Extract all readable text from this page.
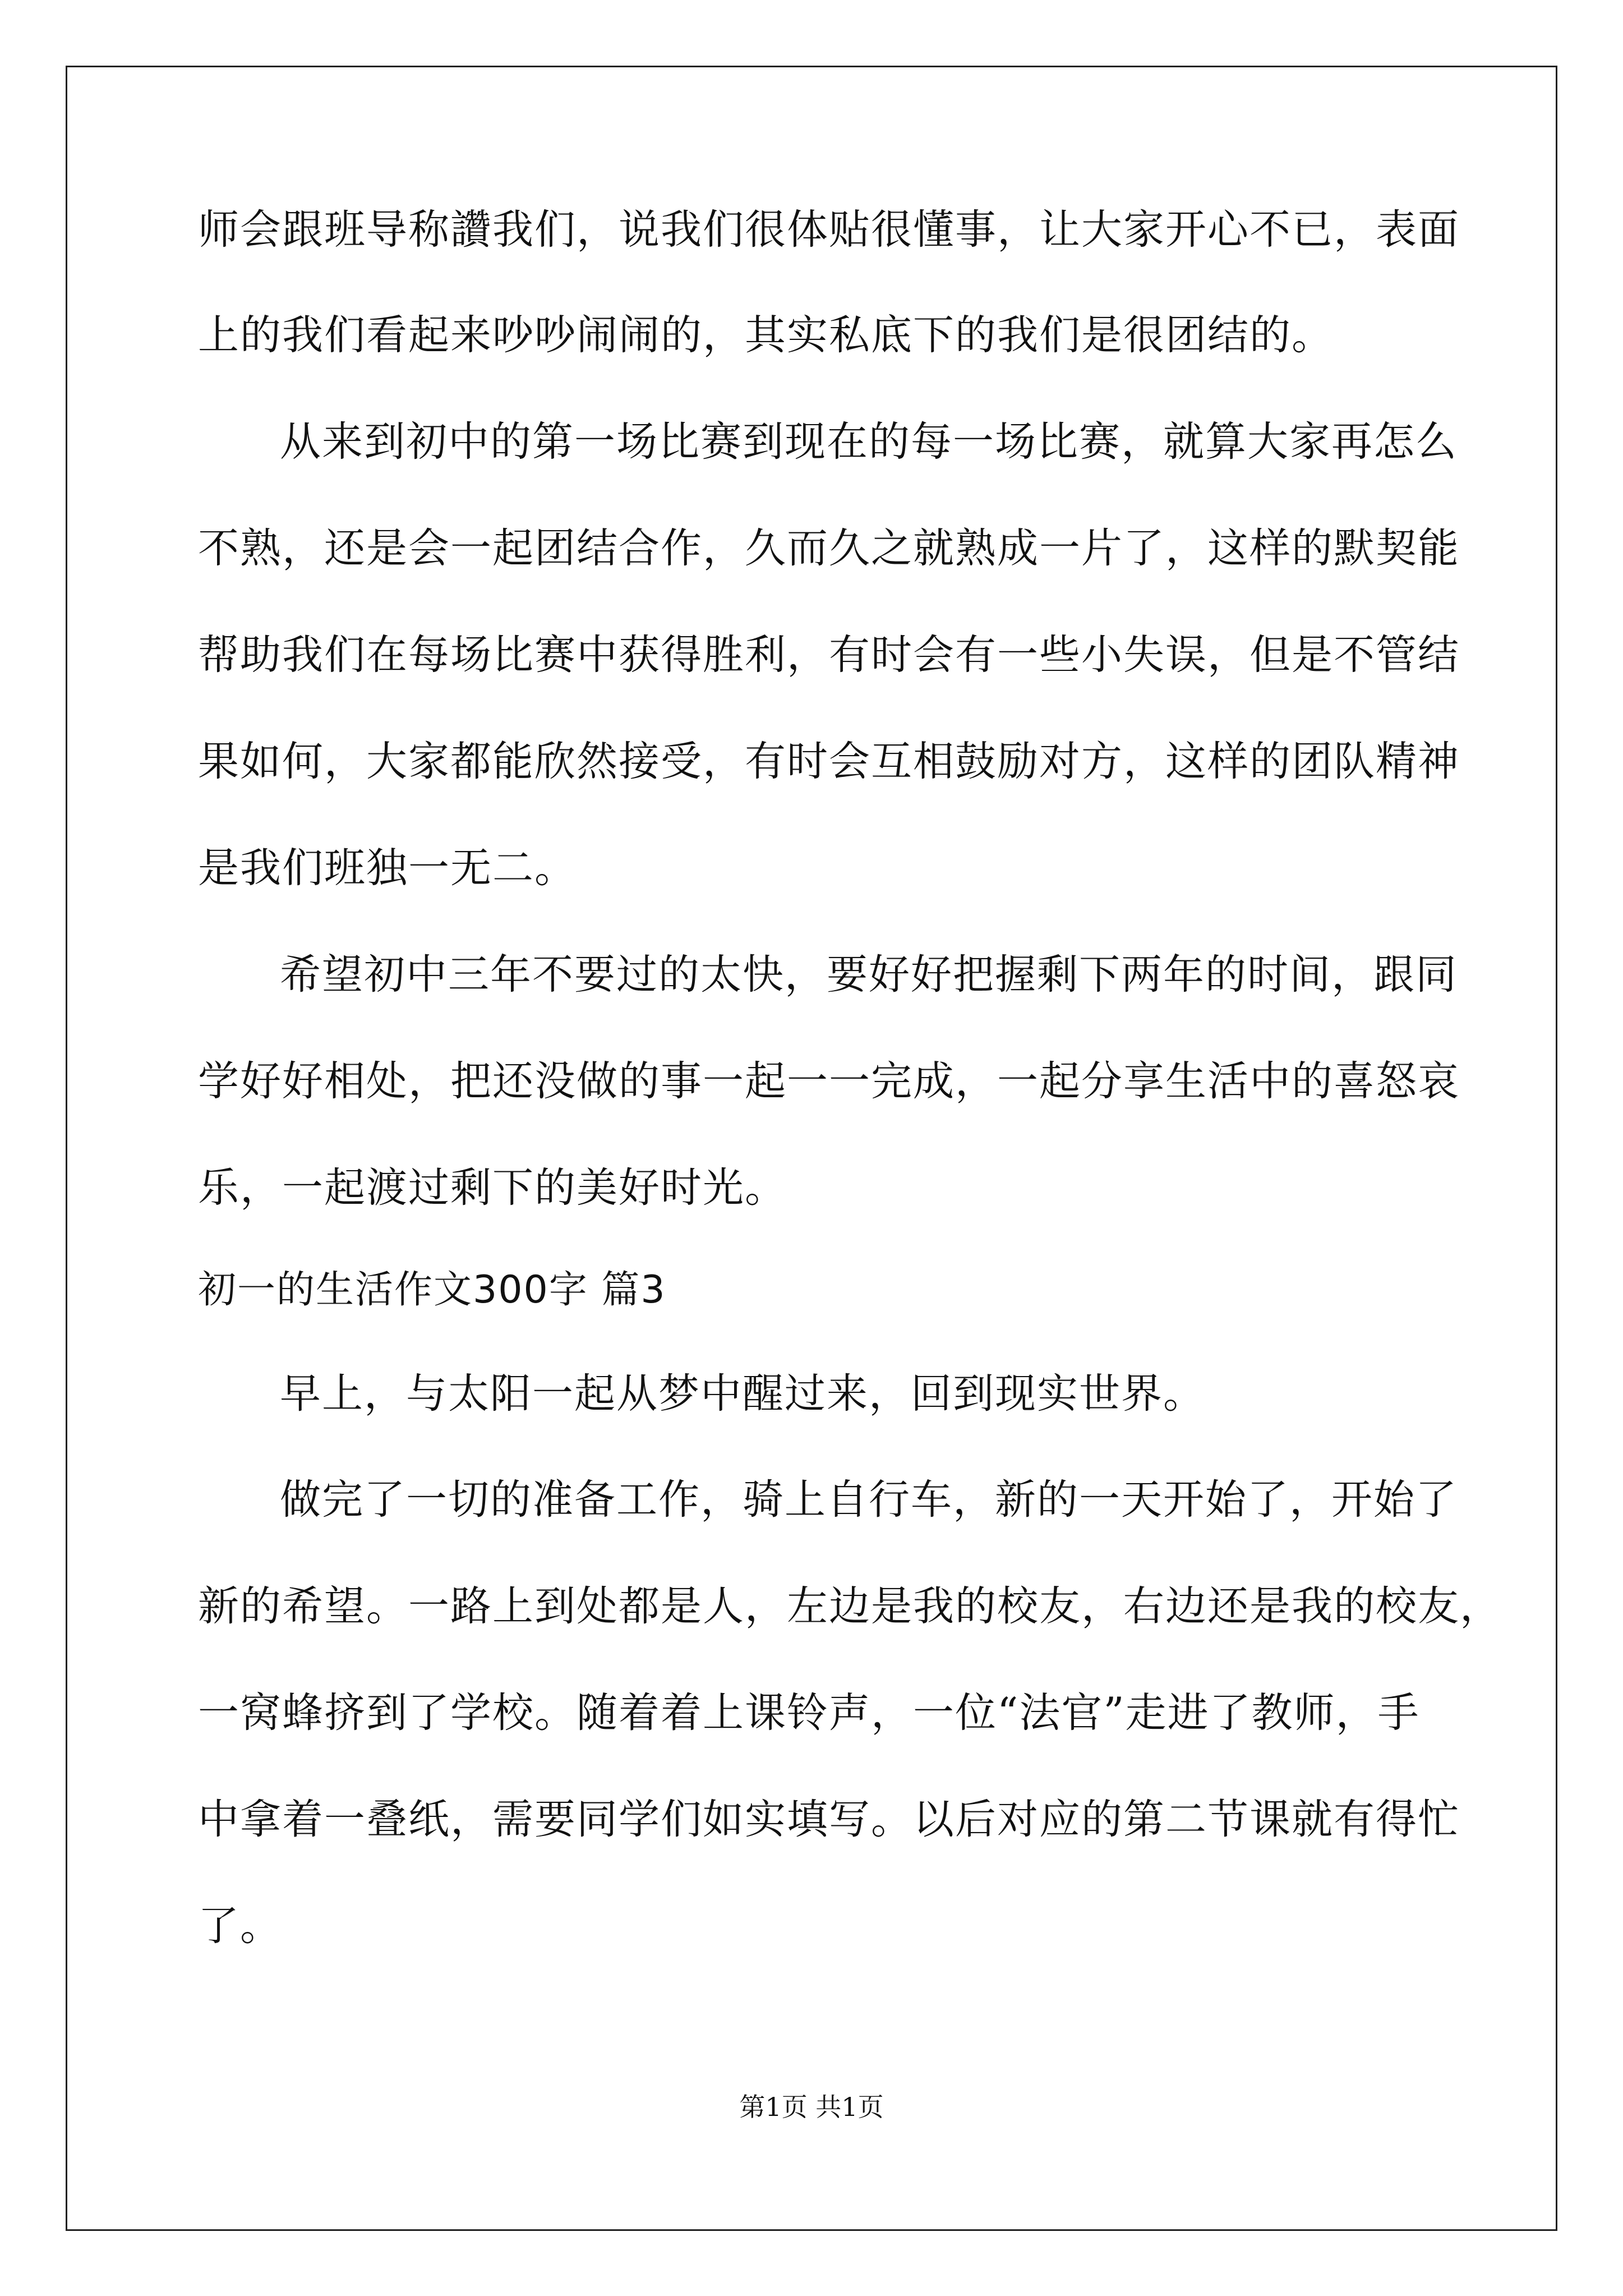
师会跟班导称讚我们，说我们很体贴很懂事，让大家开心不已，表面
上的我们看起来吵吵闹闹的，其实私底下的我们是很团结的。
从来到初中的第一场比赛到现在的每一场比赛，就算大家再怎么
不熟，还是会一起团结合作，久而久之就熟成一片了，这样的默契能
帮助我们在每场比赛中获得胜利，有时会有一些小失误，但是不管结
果如何，大家都能欣然接受，有时会互相鼓励对方，这样的团队精神
是我们班独一无二。
希望初中三年不要过的太快，要好好把握剩下两年的时间，跟同
学好好相处，把还没做的事一起一一完成，一起分享生活中的喜怒哀
乐，一起渡过剩下的美好时光。
初一的生活作文300字 篇3
早上，与太阳一起从梦中醒过来，回到现实世界。
做完了一切的准备工作，骑上自行车，新的一天开始了，开始了
新的希望。一路上到处都是人，左边是我的校友，右边还是我的校友，
一窝蜂挤到了学校。随着着上课铃声，一位“法官”走进了教师，手
中拿着一叠纸，需要同学们如实填写。以后对应的第二节课就有得忙
了。
第1页 共1页
